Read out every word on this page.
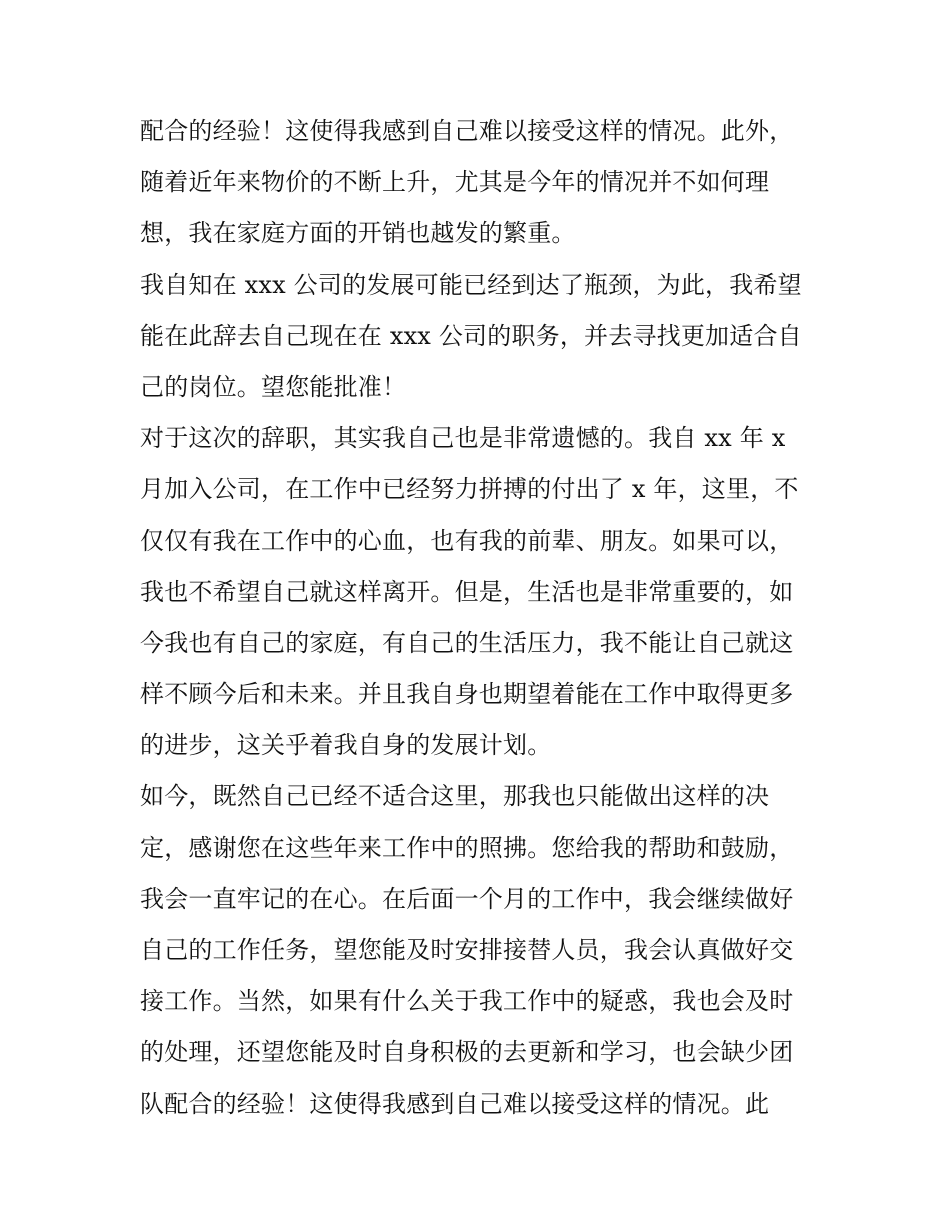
配合的经验！这使得我感到自己难以接受这样的情况。此外，
随着近年来物价的不断上升，尤其是今年的情况并不如何理
想，我在家庭方面的开销也越发的繁重。
我自知在 xxx 公司的发展可能已经到达了瓶颈，为此，我希望
能在此辞去自己现在在 xxx 公司的职务，并去寻找更加适合自
己的岗位。望您能批准！
对于这次的辞职，其实我自己也是非常遗憾的。我自 xx 年 x
月加入公司，在工作中已经努力拼搏的付出了 x 年，这里，不
仅仅有我在工作中的心血，也有我的前辈、朋友。如果可以，
我也不希望自己就这样离开。但是，生活也是非常重要的，如
今我也有自己的家庭，有自己的生活压力，我不能让自己就这
样不顾今后和未来。并且我自身也期望着能在工作中取得更多
的进步，这关乎着我自身的发展计划。
如今，既然自己已经不适合这里，那我也只能做出这样的决
定，感谢您在这些年来工作中的照拂。您给我的帮助和鼓励，
我会一直牢记的在心。在后面一个月的工作中，我会继续做好
自己的工作任务，望您能及时安排接替人员，我会认真做好交
接工作。当然，如果有什么关于我工作中的疑惑，我也会及时
的处理，还望您能及时自身积极的去更新和学习，也会缺少团
队配合的经验！这使得我感到自己难以接受这样的情况。此
